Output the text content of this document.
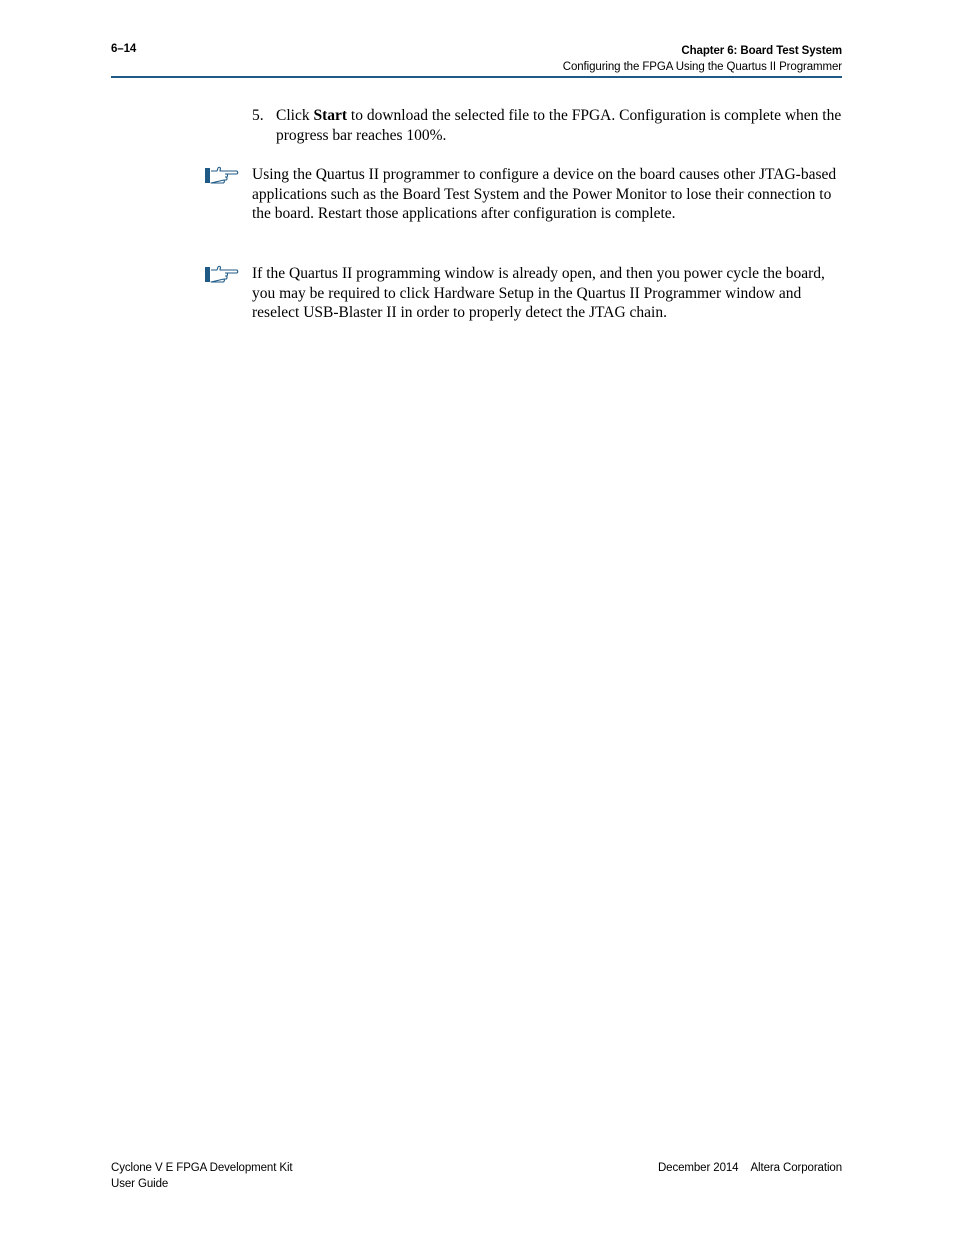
6–14	Chapter 6: Board Test System
Configuring the FPGA Using the Quartus II Programmer
5. Click Start to download the selected file to the FPGA. Configuration is complete when the progress bar reaches 100%.
Using the Quartus II programmer to configure a device on the board causes other JTAG-based applications such as the Board Test System and the Power Monitor to lose their connection to the board. Restart those applications after configuration is complete.
If the Quartus II programming window is already open, and then you power cycle the board, you may be required to click Hardware Setup in the Quartus II Programmer window and reselect USB-Blaster II in order to properly detect the JTAG chain.
Cyclone V E FPGA Development Kit
User Guide
December 2014 Altera Corporation
